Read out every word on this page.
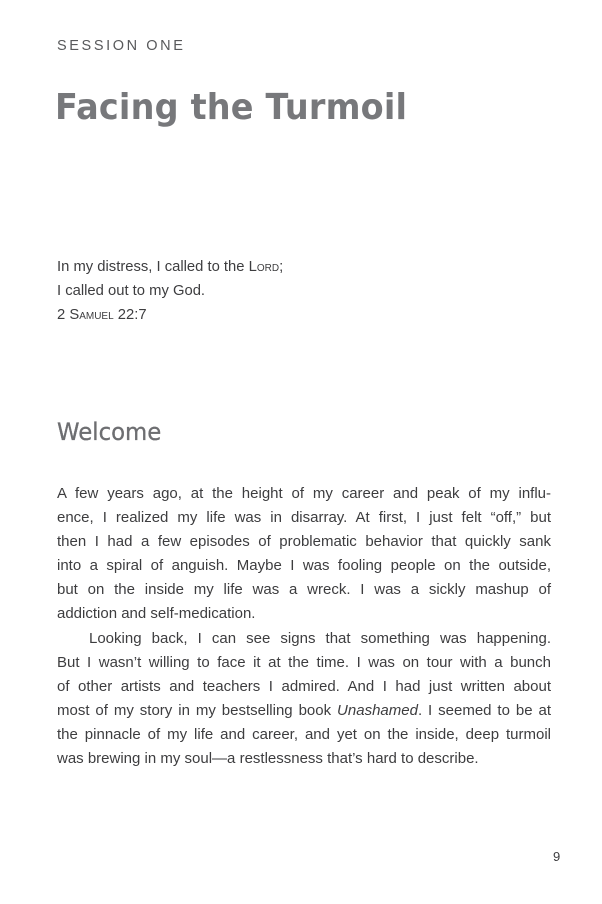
SESSION ONE
Facing the Turmoil
In my distress, I called to the Lord;
I called out to my God.
2 Samuel 22:7
Welcome
A few years ago, at the height of my career and peak of my influ-
ence, I realized my life was in disarray. At first, I just felt “off,” but
then I had a few episodes of problematic behavior that quickly sank
into a spiral of anguish. Maybe I was fooling people on the outside,
but on the inside my life was a wreck. I was a sickly mashup of
addiction and self-medication.
Looking back, I can see signs that something was happening.
But I wasn’t willing to face it at the time. I was on tour with a bunch
of other artists and teachers I admired. And I had just written about
most of my story in my bestselling book Unashamed. I seemed to be at
the pinnacle of my life and career, and yet on the inside, deep turmoil
was brewing in my soul—a restlessness that’s hard to describe.
9
